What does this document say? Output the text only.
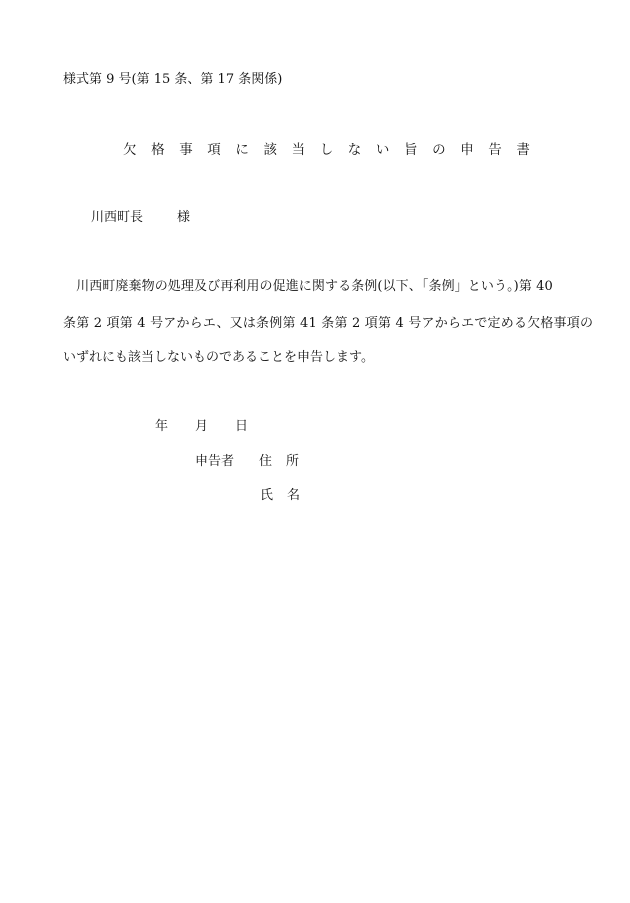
様式第 9 号(第 15 条、第 17 条関係)
欠格事項に該当しない旨の申告書
川西町長	様
　川西町廃棄物の処理及び再利用の促進に関する条例(以下、「条例」という。)第 40
条第 2 項第 4 号アからエ、又は条例第 41 条第 2 項第 4 号アからエで定める欠格事項の
いずれにも該当しないものであることを申告します。
年 月 日
申告者 住所
氏名
